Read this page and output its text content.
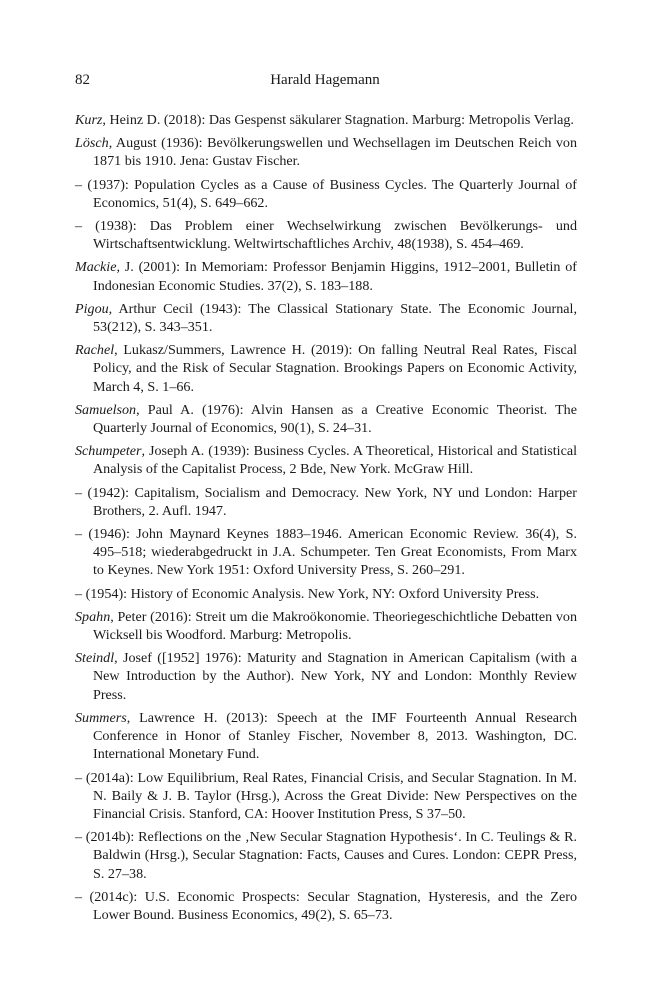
82	Harald Hagemann

Kurz, Heinz D. (2018): Das Gespenst säkularer Stagnation. Marburg: Metropolis Verlag.

Lösch, August (1936): Bevölkerungswellen und Wechsellagen im Deutschen Reich von 1871 bis 1910. Jena: Gustav Fischer.

– (1937): Population Cycles as a Cause of Business Cycles. The Quarterly Journal of Economics, 51(4), S. 649–662.

– (1938): Das Problem einer Wechselwirkung zwischen Bevölkerungs- und Wirtschaftsentwicklung. Weltwirtschaftliches Archiv, 48(1938), S. 454–469.

Mackie, J. (2001): In Memoriam: Professor Benjamin Higgins, 1912–2001, Bulletin of Indonesian Economic Studies. 37(2), S. 183–188.

Pigou, Arthur Cecil (1943): The Classical Stationary State. The Economic Journal, 53(212), S. 343–351.

Rachel, Lukasz/Summers, Lawrence H. (2019): On falling Neutral Real Rates, Fiscal Policy, and the Risk of Secular Stagnation. Brookings Papers on Economic Activity, March 4, S. 1–66.

Samuelson, Paul A. (1976): Alvin Hansen as a Creative Economic Theorist. The Quarterly Journal of Economics, 90(1), S. 24–31.

Schumpeter, Joseph A. (1939): Business Cycles. A Theoretical, Historical and Statistical Analysis of the Capitalist Process, 2 Bde, New York. McGraw Hill.

– (1942): Capitalism, Socialism and Democracy. New York, NY und London: Harper Brothers, 2. Aufl. 1947.

– (1946): John Maynard Keynes 1883–1946. American Economic Review. 36(4), S. 495–518; wiederabgedruckt in J.A. Schumpeter. Ten Great Economists, From Marx to Keynes. New York 1951: Oxford University Press, S. 260–291.

– (1954): History of Economic Analysis. New York, NY: Oxford University Press.

Spahn, Peter (2016): Streit um die Makroökonomie. Theoriegeschichtliche Debatten von Wicksell bis Woodford. Marburg: Metropolis.

Steindl, Josef ([1952] 1976): Maturity and Stagnation in American Capitalism (with a New Introduction by the Author). New York, NY and London: Monthly Review Press.

Summers, Lawrence H. (2013): Speech at the IMF Fourteenth Annual Research Conference in Honor of Stanley Fischer, November 8, 2013. Washington, DC. International Monetary Fund.

– (2014a): Low Equilibrium, Real Rates, Financial Crisis, and Secular Stagnation. In M. N. Baily & J. B. Taylor (Hrsg.), Across the Great Divide: New Perspectives on the Financial Crisis. Stanford, CA: Hoover Institution Press, S 37–50.

– (2014b): Reflections on the ‚New Secular Stagnation Hypothesis‘. In C. Teulings & R. Baldwin (Hrsg.), Secular Stagnation: Facts, Causes and Cures. London: CEPR Press, S. 27–38.

– (2014c): U.S. Economic Prospects: Secular Stagnation, Hysteresis, and the Zero Lower Bound. Business Economics, 49(2), S. 65–73.
